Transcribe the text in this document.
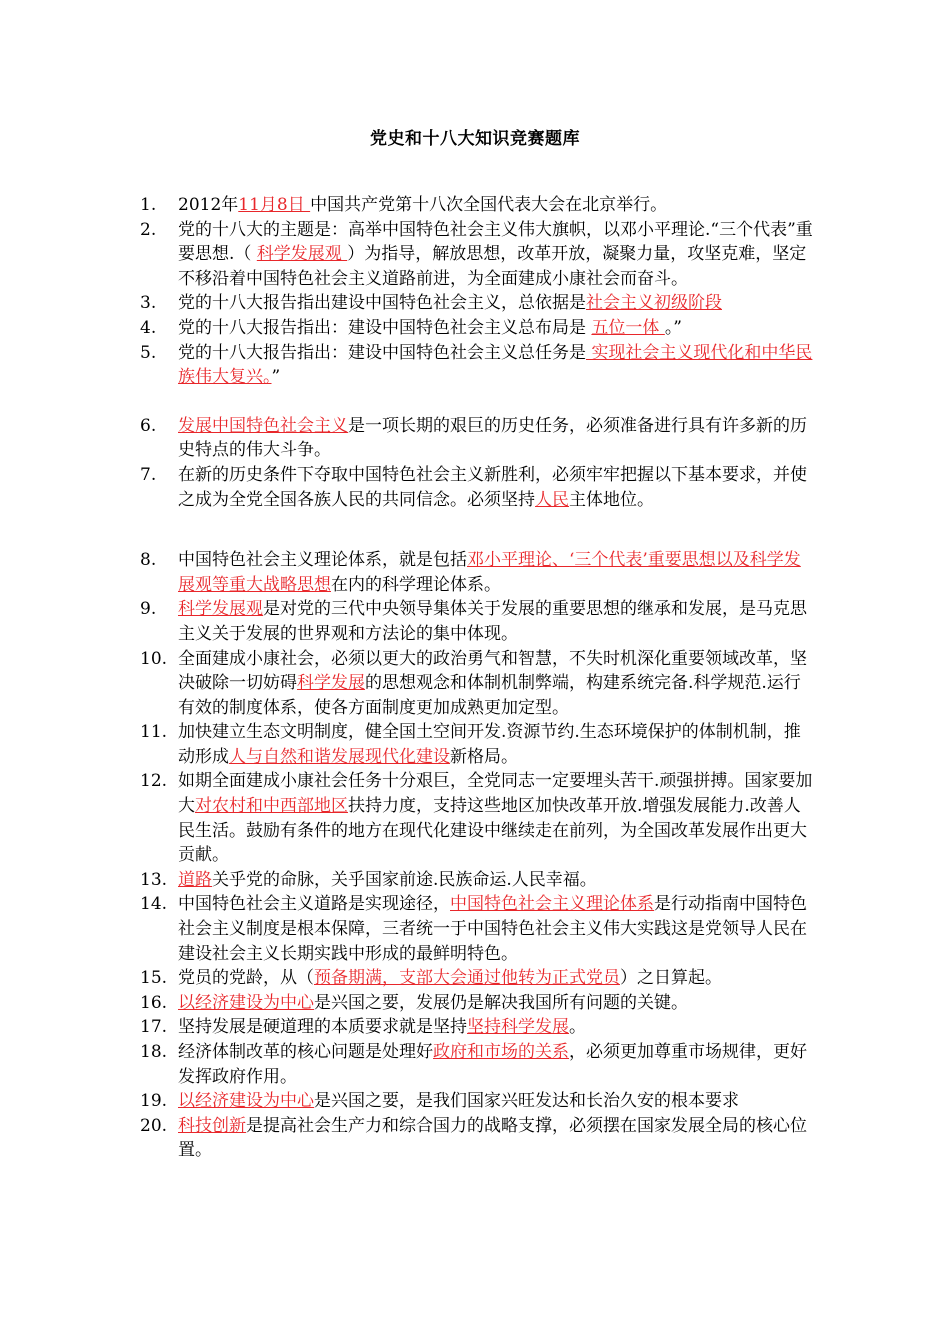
党史和十八大知识竞赛题库
1.	2012年11月8日 中国共产党第十八次全国代表大会在北京举行。
2.	党的十八大的主题是：高举中国特色社会主义伟大旗帜，以邓小平理论.“三个代表”重要思想.（ 科学发展观 ）为指导，解放思想，改革开放，凝聚力量，攻坚克难，坚定不移沿着中国特色社会主义道路前进，为全面建成小康社会而奋斗。
3.	党的十八大报告指出建设中国特色社会主义，总依据是社会主义初级阶段
4.	党的十八大报告指出：建设中国特色社会主义总布局是 五位一体 。”
5.	党的十八大报告指出：建设中国特色社会主义总任务是 实现社会主义现代化和中华民族伟大复兴。”
6.	发展中国特色社会主义是一项长期的艰巨的历史任务，必须准备进行具有许多新的历史特点的伟大斗争。
7.	在新的历史条件下夺取中国特色社会主义新胜利，必须牢牢把握以下基本要求，并使之成为全党全国各族人民的共同信念。必须坚持人民主体地位。
8.	中国特色社会主义理论体系，就是包括邓小平理论、‘三个代表’重要思想以及科学发展观等重大战略思想在内的科学理论体系。
9.	科学发展观是对党的三代中央领导集体关于发展的重要思想的继承和发展，是马克思主义关于发展的世界观和方法论的集中体现。
10. 全面建成小康社会，必须以更大的政治勇气和智慧，不失时机深化重要领域改革，坚决破除一切妨碍科学发展的思想观念和体制机制弊端，构建系统完备.科学规范.运行有效的制度体系，使各方面制度更加成熟更加定型。
11. 加快建立生态文明制度，健全国土空间开发.资源节约.生态环境保护的体制机制，推动形成人与自然和谐发展现代化建设新格局。
12. 如期全面建成小康社会任务十分艰巨，全党同志一定要埋头苦干.顽强拼搏。国家要加大对农村和中西部地区扶持力度，支持这些地区加快改革开放.增强发展能力.改善人民生活。鼓励有条件的地方在现代化建设中继续走在前列，为全国改革发展作出更大贡献。
13. 道路关乎党的命脉，关乎国家前途.民族命运.人民幸福。
14. 中国特色社会主义道路是实现途径，中国特色社会主义理论体系是行动指南中国特色社会主义制度是根本保障，三者统一于中国特色社会主义伟大实践这是党领导人民在建设社会主义长期实践中形成的最鲜明特色。
15. 党员的党龄，从（预备期满，支部大会通过他转为正式党员）之日算起。
16. 以经济建设为中心是兴国之要，发展仍是解决我国所有问题的关键。
17. 坚持发展是硬道理的本质要求就是坚持坚持科学发展。
18. 经济体制改革的核心问题是处理好政府和市场的关系，必须更加尊重市场规律，更好发挥政府作用。
19. 以经济建设为中心是兴国之要，是我们国家兴旺发达和长治久安的根本要求
20. 科技创新是提高社会生产力和综合国力的战略支撑，必须摆在国家发展全局的核心位置。
